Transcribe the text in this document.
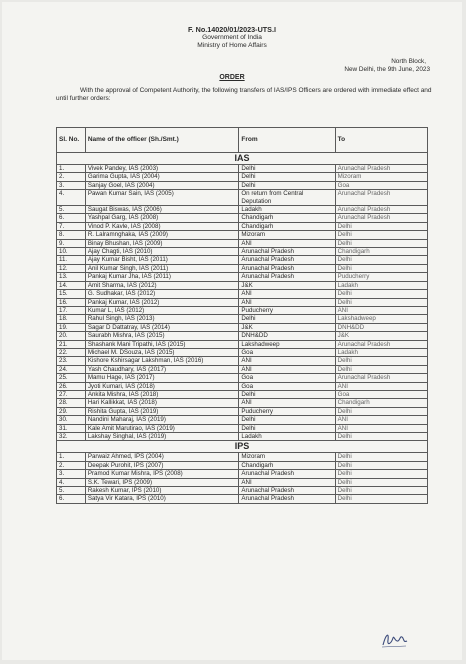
F. No.14020/01/2023-UTS.I
Government of India
Ministry of Home Affairs
North Block,
New Delhi, the 9th June, 2023
ORDER
With the approval of Competent Authority, the following transfers of IAS/IPS Officers are ordered with immediate effect and until further orders:
Sl. No.	Name of the officer (Sh./Smt.)	From	To
IAS			
1.	Vivek Pandey, IAS (2003)	Delhi	Arunachal Pradesh
2.	Garima Gupta, IAS (2004)	Delhi	Mizoram
3.	Sanjay Goel, IAS (2004)	Delhi	Goa
4.	Pawan Kumar Sain, IAS (2005)	On return from Central Deputation	Arunachal Pradesh
5.	Saugat Biswas, IAS (2006)	Ladakh	Arunachal Pradesh
6.	Yashpal Garg, IAS (2008)	Chandigarh	Arunachal Pradesh
7.	Vinod P. Kavle, IAS (2008)	Chandigarh	Delhi
8.	R. Lalramnghaka, IAS (2009)	Mizoram	Delhi
9.	Binay Bhushan, IAS (2009)	ANI	Delhi
10.	Ajay Chagti, IAS (2010)	Arunachal Pradesh	Chandigarh
11.	Ajay Kumar Bisht, IAS (2011)	Arunachal Pradesh	Delhi
12.	Anil Kumar Singh, IAS (2011)	Arunachal Pradesh	Delhi
13.	Pankaj Kumar Jha, IAS (2011)	Arunachal Pradesh	Puducherry
14.	Amit Sharma, IAS (2012)	J&K	Ladakh
15.	G. Sudhakar, IAS (2012)	ANI	Delhi
16.	Pankaj Kumar, IAS (2012)	ANI	Delhi
17.	Kumar L, IAS (2012)	Puducherry	ANI
18.	Rahul Singh, IAS (2013)	Delhi	Lakshadweep
19.	Sagar D Dattatray, IAS (2014)	J&K	DNH&DD
20.	Saurabh Mishra, IAS (2015)	DNH&DD	J&K
21.	Shashank Mani Tripathi, IAS (2015)	Lakshadweep	Arunachal Pradesh
22.	Michael M. DSouza, IAS (2015)	Goa	Ladakh
23.	Kishore Kshirsagar Lakshman, IAS (2016)	ANI	Delhi
24.	Yash Chaudhary, IAS (2017)	ANI	Delhi
25.	Mamu Hage, IAS (2017)	Goa	Arunachal Pradesh
26.	Jyoti Kumari, IAS (2018)	Goa	ANI
27.	Ankita Mishra, IAS (2018)	Delhi	Goa
28.	Hari Kallikkat, IAS (2018)	ANI	Chandigarh
29.	Rishita Gupta, IAS (2019)	Puducherry	Delhi
30.	Nandini Maharaj, IAS (2019)	Delhi	ANI
31.	Kale Amit Marutirao, IAS (2019)	Delhi	ANI
32.	Lakshay Singhal, IAS (2019)	Ladakh	Delhi
IPS			
1.	Parwaiz Ahmed, IPS (2004)	Mizoram	Delhi
2.	Deepak Purohit, IPS (2007)	Chandigarh	Delhi
3.	Pramod Kumar Mishra, IPS (2008)	Arunachal Pradesh	Delhi
4.	S.K. Tewari, IPS (2009)	ANI	Delhi
5.	Rakesh Kumar, IPS (2010)	Arunachal Pradesh	Delhi
6.	Satya Vir Katara, IPS (2010)	Arunachal Pradesh	Delhi
